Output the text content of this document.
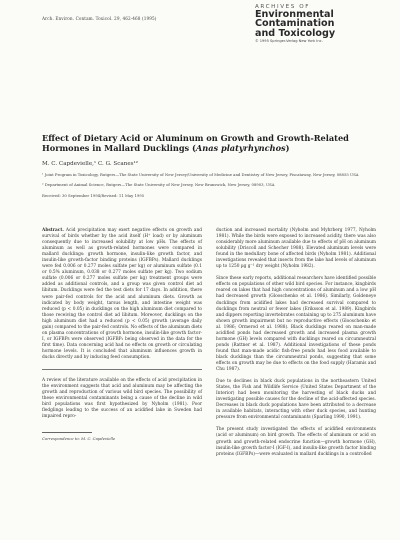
Arch. Environ. Contam. Toxicol. 29, 462-468 (1995)
ARCHIVES OF
Environmental
Contamination
and Toxicology
© 1995 Springer-Verlag New York Inc.
Effect of Dietary Acid or Aluminum on Growth and Growth-Related Hormones in Mallard Ducklings (Anas platyrhynchos)
M. C. Capdevielle,¹ C. G. Scanes¹²
¹ Joint Program in Toxicology, Rutgers—The State University of New Jersey/University of Medicine and Dentistry of New Jersey, Piscataway, New Jersey, 08855 USA
² Department of Animal Science, Rutgers—The State University of New Jersey, New Brunswick, New Jersey, 08903, USA
Received: 30 September 1994/Revised: 11 May 1995

Abstract. Acid precipitation may exert negative effects on growth and survival of birds whether by the acid itself (H⁺ load) or by aluminum consequently due to increased solubility at low pHs. The effects of aluminum as well as growth-related hormones were compared in mallard ducklings: growth hormone, insulin-like growth factor, and insulin-like growth-factor binding proteins (IGFBPs). Mallard ducklings were fed 0.006 or 0.277 moles sulfate per kg) or aluminum sulfate (0.1 or 0.5% aluminum, 0.038 or 0.277 moles sulfate per kg). Two sodium sulfate (0.006 or 0.277 moles sulfate per kg) treatment groups were added as additional controls, and a group was given control diet ad libitum. Ducklings were fed the test diets for 17 days. In addition, there were pair-fed controls for the acid and aluminum diets. Growth as indicated by body weight, tarsus length, and intestine weight was reduced (p < 0.05) in ducklings on the high aluminum diet compared to those receiving the control diet ad libitum. Moreover, ducklings on the high aluminum diet had a reduced (p < 0.05) growth (average daily gain) compared to the pair-fed controls. No effects of the aluminum diets on plasma concentrations of growth hormone, insulin-like growth factor-I, or IGFBPs were observed (IGFBP₂ being observed in the data for the first time). Data concerning acid had no effects on growth or circulating hormone levels. It is concluded that aluminum influences growth in ducks directly and by inducing feed consumption.

A review of the literature available on the effects of acid precipitation in the environment suggests that acid and aluminum may be affecting the growth and reproduction of various wild bird species. The possibility of these environmental contaminants being a cause of the decline in wild bird populations was first hypothesized by Nyholm (1981). Poor fledglings leading to the success of an acidified lake in Sweden had impaired repro-

Correspondence to: M. C. Capdevielle

duction and increased mortality (Nyholm and Myhrberg 1977, Nyholm 1981). While the birds were exposed to increased acidity, there was also considerably more aluminum available due to effects of pH on aluminum solubility (Driscoll and Schecher 1988). Elevated aluminum levels were found in the medullary bone of affected birds (Nyholm 1981). Additional investigations revealed that insects from the lake had levels of aluminum up to 1250 µg g⁻¹ dry weight (Nyholm 1982).

Since these early reports, additional researchers have identified possible effects on populations of other wild bird species. For instance, kingbirds reared on lakes that had high concentrations of aluminum and a low pH had decreased growth (Glooschenko et al. 1986). Similarly, Goldeneye ducklings from acidified lakes had decreased survival compared to ducklings from neutral or fewer lakes (Eriksson et al. 1989). Kingbirds and dippers reporting invertebrates containing up to 275 aluminum have shown growth impairment but no reproductive effects (Glooschenko et al. 1986; Ormerod et al. 1988). Black ducklings reared on man-made acidified ponds had decreased growth and increased plasma growth hormone (GH) levels compared with ducklings reared on circumneutral ponds (Rattner et al. 1987). Additional investigations of these ponds found that man-made acidic fish-free ponds had less food available to black ducklings than the circumneutral ponds, suggesting that some effects on growth may be due to effects on the food supply (Haramis and Chu 1987).

Due to declines in black duck populations in the northeastern United States, the Fish and Wildlife Service (United States Department of the Interior) had been monitoring the harvesting of black ducks and investigating possible causes for the decline of the acid-affected species. Decreases in black duck populations have been attributed to a decrease in available habitats, interacting with other duck species, and hunting pressure from environmental contaminants (Sparling 1990, 1991).

The present study investigated the effects of acidified environments (acid or aluminum) on bird growth. The effects of aluminum or acid on growth and growth-related endocrine function—growth hormone (GH), insulin-like growth factor-I (IGF-I), and insulin-like growth factor binding proteins (IGFBPs)—were evaluated in mallard ducklings in a controlled
